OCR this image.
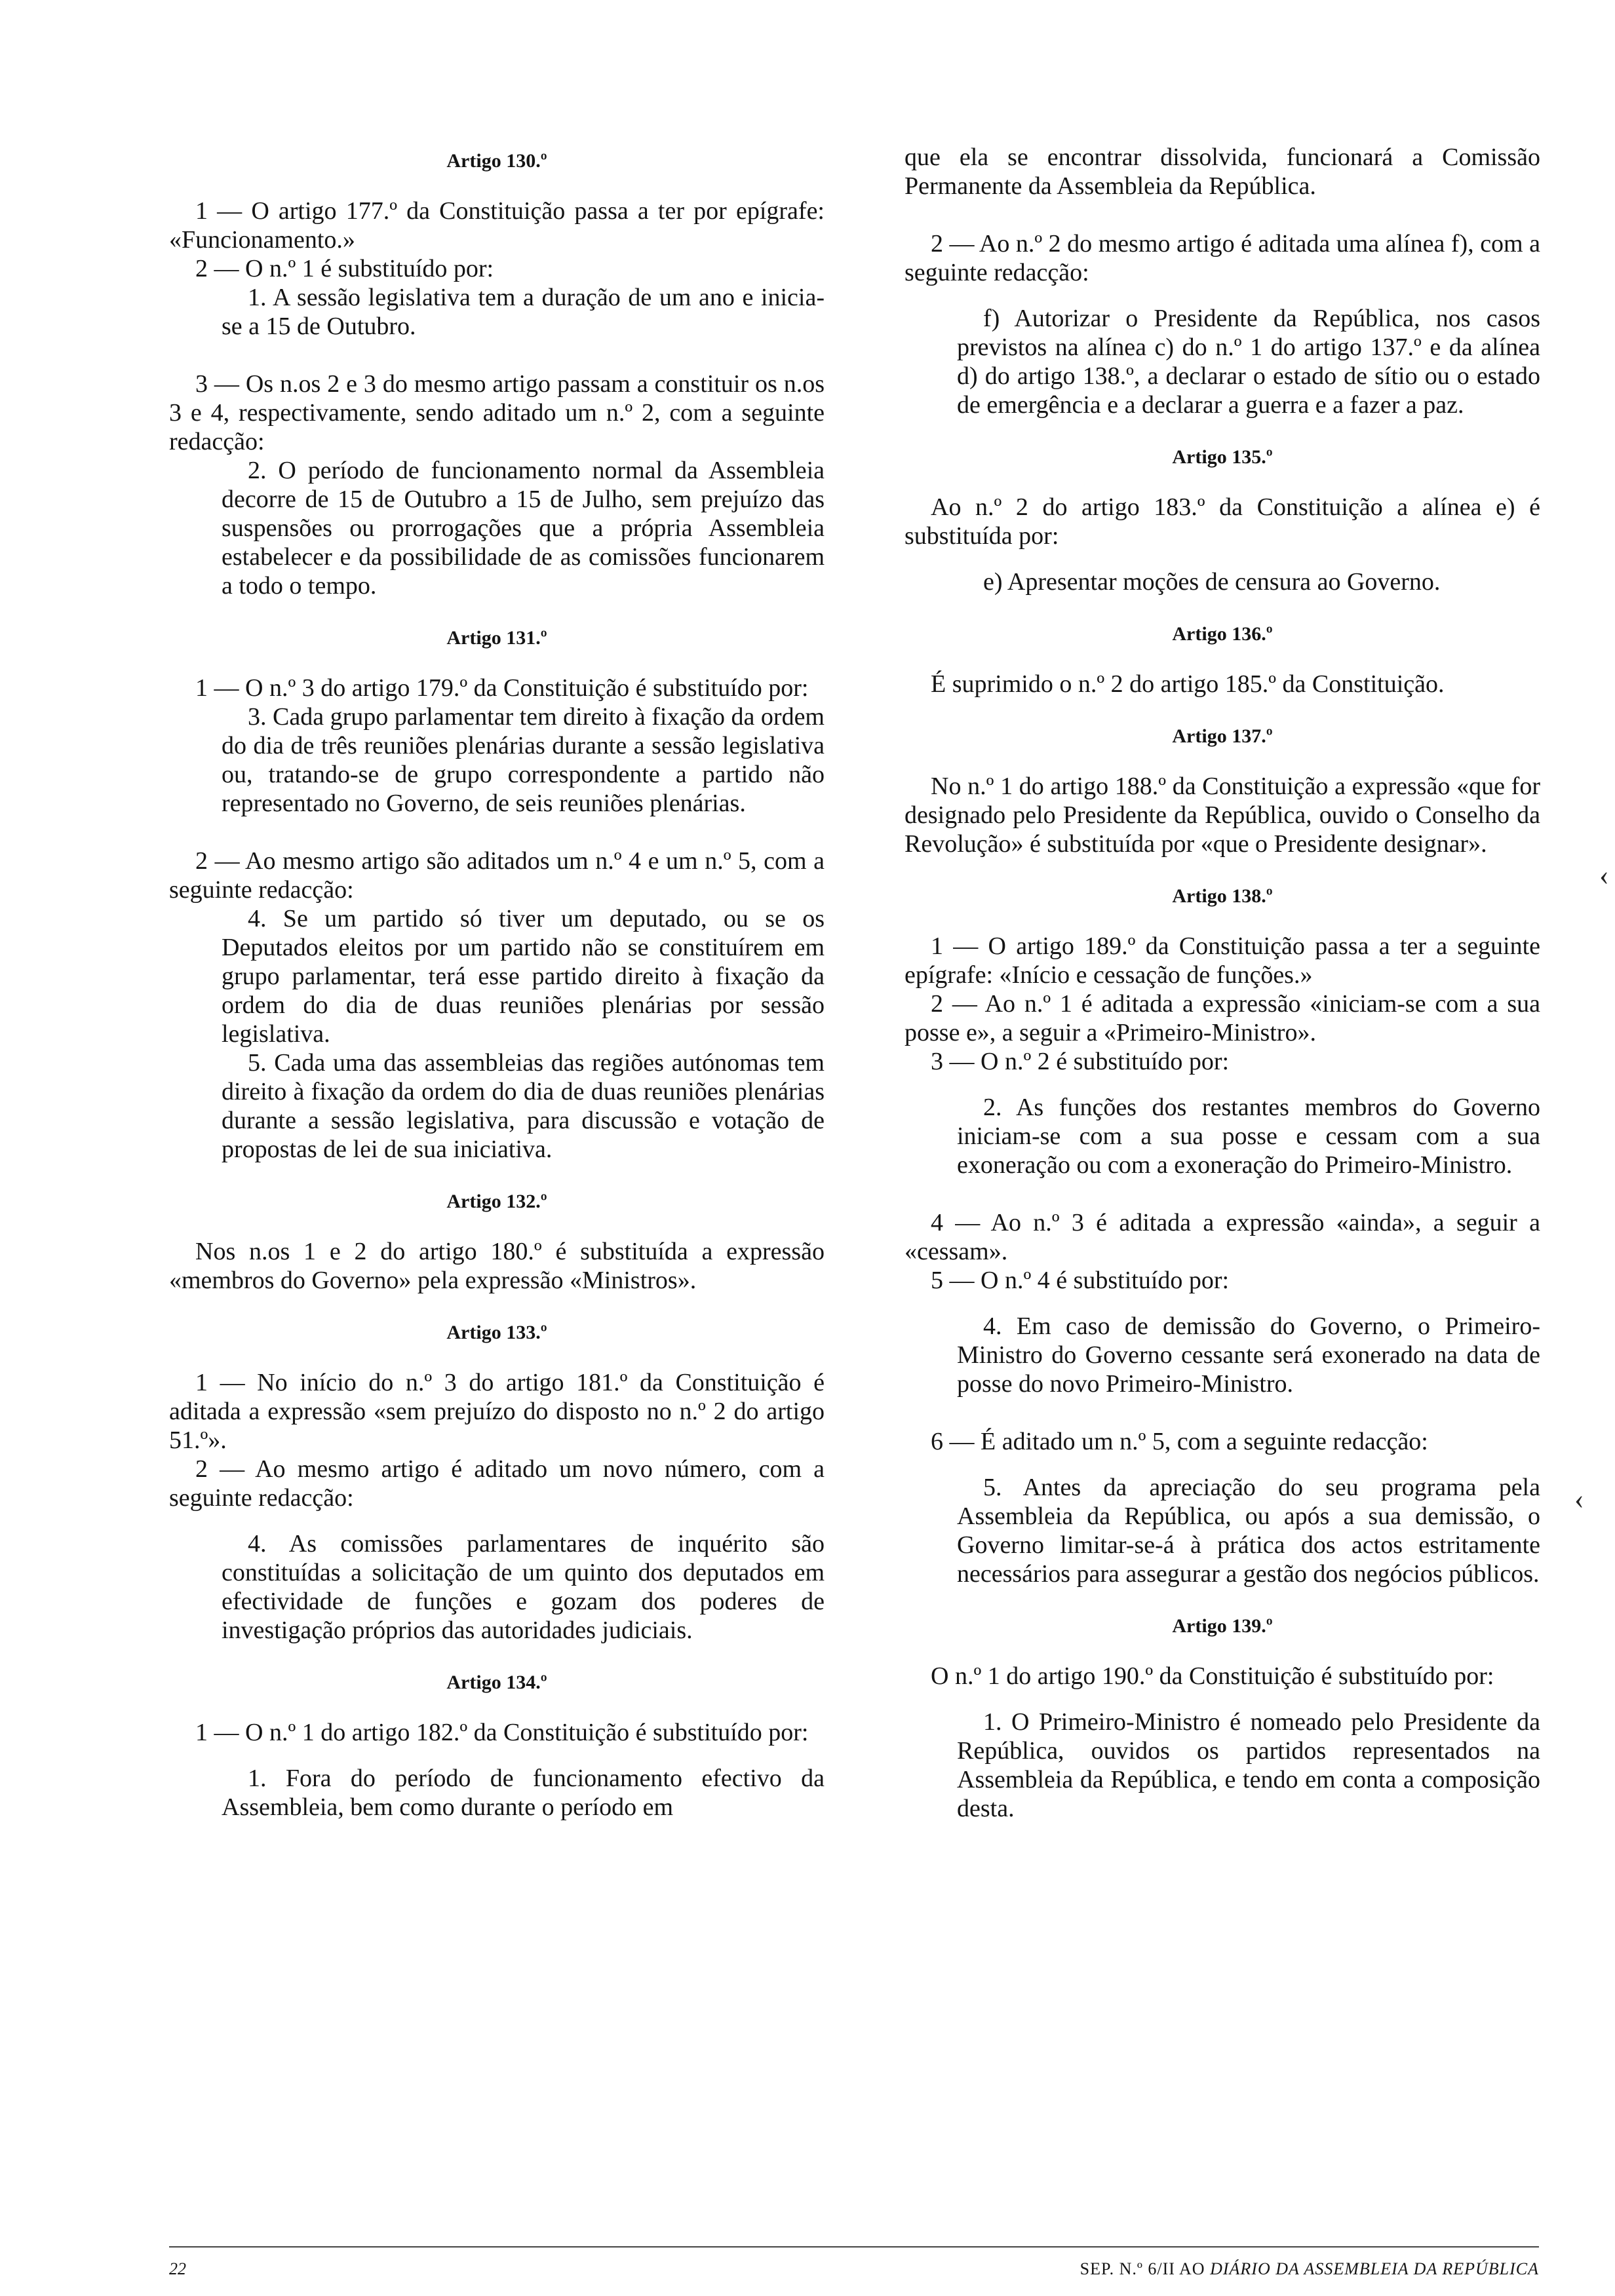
Artigo 130.º

1 — O artigo 177.º da Constituição passa a ter por epígrafe: «Funcionamento.»

2 — O n.º 1 é substituído por:

1. A sessão legislativa tem a duração de um ano e inicia-se a 15 de Outubro.

3 — Os n.os 2 e 3 do mesmo artigo passam a constituir os n.os 3 e 4, respectivamente, sendo aditado um n.º 2, com a seguinte redacção:

2. O período de funcionamento normal da Assembleia decorre de 15 de Outubro a 15 de Julho, sem prejuízo das suspensões ou prorrogações que a própria Assembleia estabelecer e da possibilidade de as comissões funcionarem a todo o tempo.

Artigo 131.º

1 — O n.º 3 do artigo 179.º da Constituição é substituído por:

3. Cada grupo parlamentar tem direito à fixação da ordem do dia de três reuniões plenárias durante a sessão legislativa ou, tratando-se de grupo correspondente a partido não representado no Governo, de seis reuniões plenárias.

2 — Ao mesmo artigo são aditados um n.º 4 e um n.º 5, com a seguinte redacção:

4. Se um partido só tiver um deputado, ou se os Deputados eleitos por um partido não se constituírem em grupo parlamentar, terá esse partido direito à fixação da ordem do dia de duas reuniões plenárias por sessão legislativa.

5. Cada uma das assembleias das regiões autónomas tem direito à fixação da ordem do dia de duas reuniões plenárias durante a sessão legislativa, para discussão e votação de propostas de lei de sua iniciativa.

Artigo 132.º

Nos n.os 1 e 2 do artigo 180.º é substituída a expressão «membros do Governo» pela expressão «Ministros».

Artigo 133.º

1 — No início do n.º 3 do artigo 181.º da Constituição é aditada a expressão «sem prejuízo do disposto no n.º 2 do artigo 51.º».

2 — Ao mesmo artigo é aditado um novo número, com a seguinte redacção:

4. As comissões parlamentares de inquérito são constituídas a solicitação de um quinto dos deputados em efectividade de funções e gozam dos poderes de investigação próprios das autoridades judiciais.

Artigo 134.º

1 — O n.º 1 do artigo 182.º da Constituição é substituído por:

1. Fora do período de funcionamento efectivo da Assembleia, bem como durante o período em

que ela se encontrar dissolvida, funcionará a Comissão Permanente da Assembleia da República.

2 — Ao n.º 2 do mesmo artigo é aditada uma alínea f), com a seguinte redacção:

f) Autorizar o Presidente da República, nos casos previstos na alínea c) do n.º 1 do artigo 137.º e da alínea d) do artigo 138.º, a declarar o estado de sítio ou o estado de emergência e a declarar a guerra e a fazer a paz.

Artigo 135.º

Ao n.º 2 do artigo 183.º da Constituição a alínea e) é substituída por:

e) Apresentar moções de censura ao Governo.

Artigo 136.º

É suprimido o n.º 2 do artigo 185.º da Constituição.

Artigo 137.º

No n.º 1 do artigo 188.º da Constituição a expressão «que for designado pelo Presidente da República, ouvido o Conselho da Revolução» é substituída por «que o Presidente designar».

Artigo 138.º

1 — O artigo 189.º da Constituição passa a ter a seguinte epígrafe: «Início e cessação de funções.»

2 — Ao n.º 1 é aditada a expressão «iniciam-se com a sua posse e», a seguir a «Primeiro-Ministro».

3 — O n.º 2 é substituído por:

2. As funções dos restantes membros do Governo iniciam-se com a sua posse e cessam com a sua exoneração ou com a exoneração do Primeiro-Ministro.

4 — Ao n.º 3 é aditada a expressão «ainda», a seguir a «cessam».

5 — O n.º 4 é substituído por:

4. Em caso de demissão do Governo, o Primeiro-Ministro do Governo cessante será exonerado na data de posse do novo Primeiro-Ministro.

6 — É aditado um n.º 5, com a seguinte redacção:

5. Antes da apreciação do seu programa pela Assembleia da República, ou após a sua demissão, o Governo limitar-se-á à prática dos actos estritamente necessários para assegurar a gestão dos negócios públicos.

Artigo 139.º

O n.º 1 do artigo 190.º da Constituição é substituído por:

1. O Primeiro-Ministro é nomeado pelo Presidente da República, ouvidos os partidos representados na Assembleia da República, e tendo em conta a composição desta.

‹
‹
22	SEP. N.º 6/II AO DIÁRIO DA ASSEMBLEIA DA REPÚBLICA
